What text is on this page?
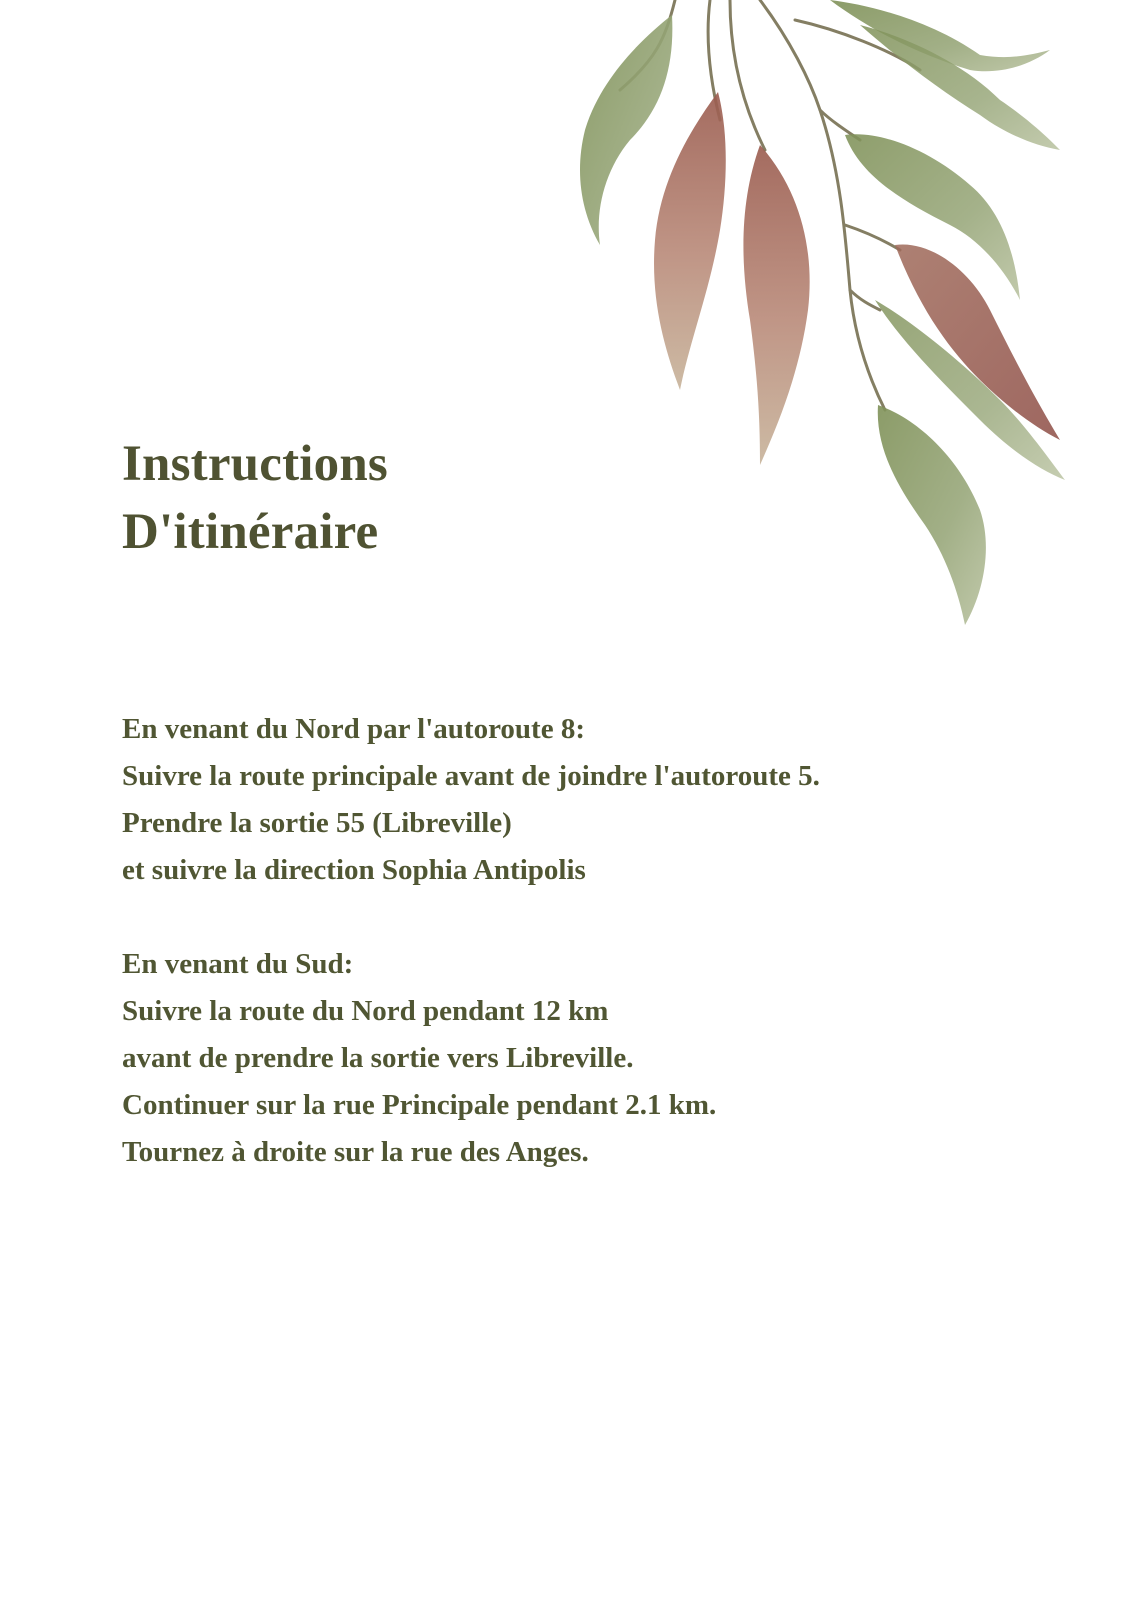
Instructions
D'itinéraire
En venant du Nord par l'autoroute 8:
Suivre la route principale avant de joindre l'autoroute 5.
Prendre la sortie 55 (Libreville)
et suivre la direction Sophia Antipolis
En venant du Sud:
Suivre la route du Nord pendant 12 km
avant de prendre la sortie vers Libreville.
Continuer sur la rue Principale pendant 2.1 km.
Tournez à droite sur la rue des Anges.
